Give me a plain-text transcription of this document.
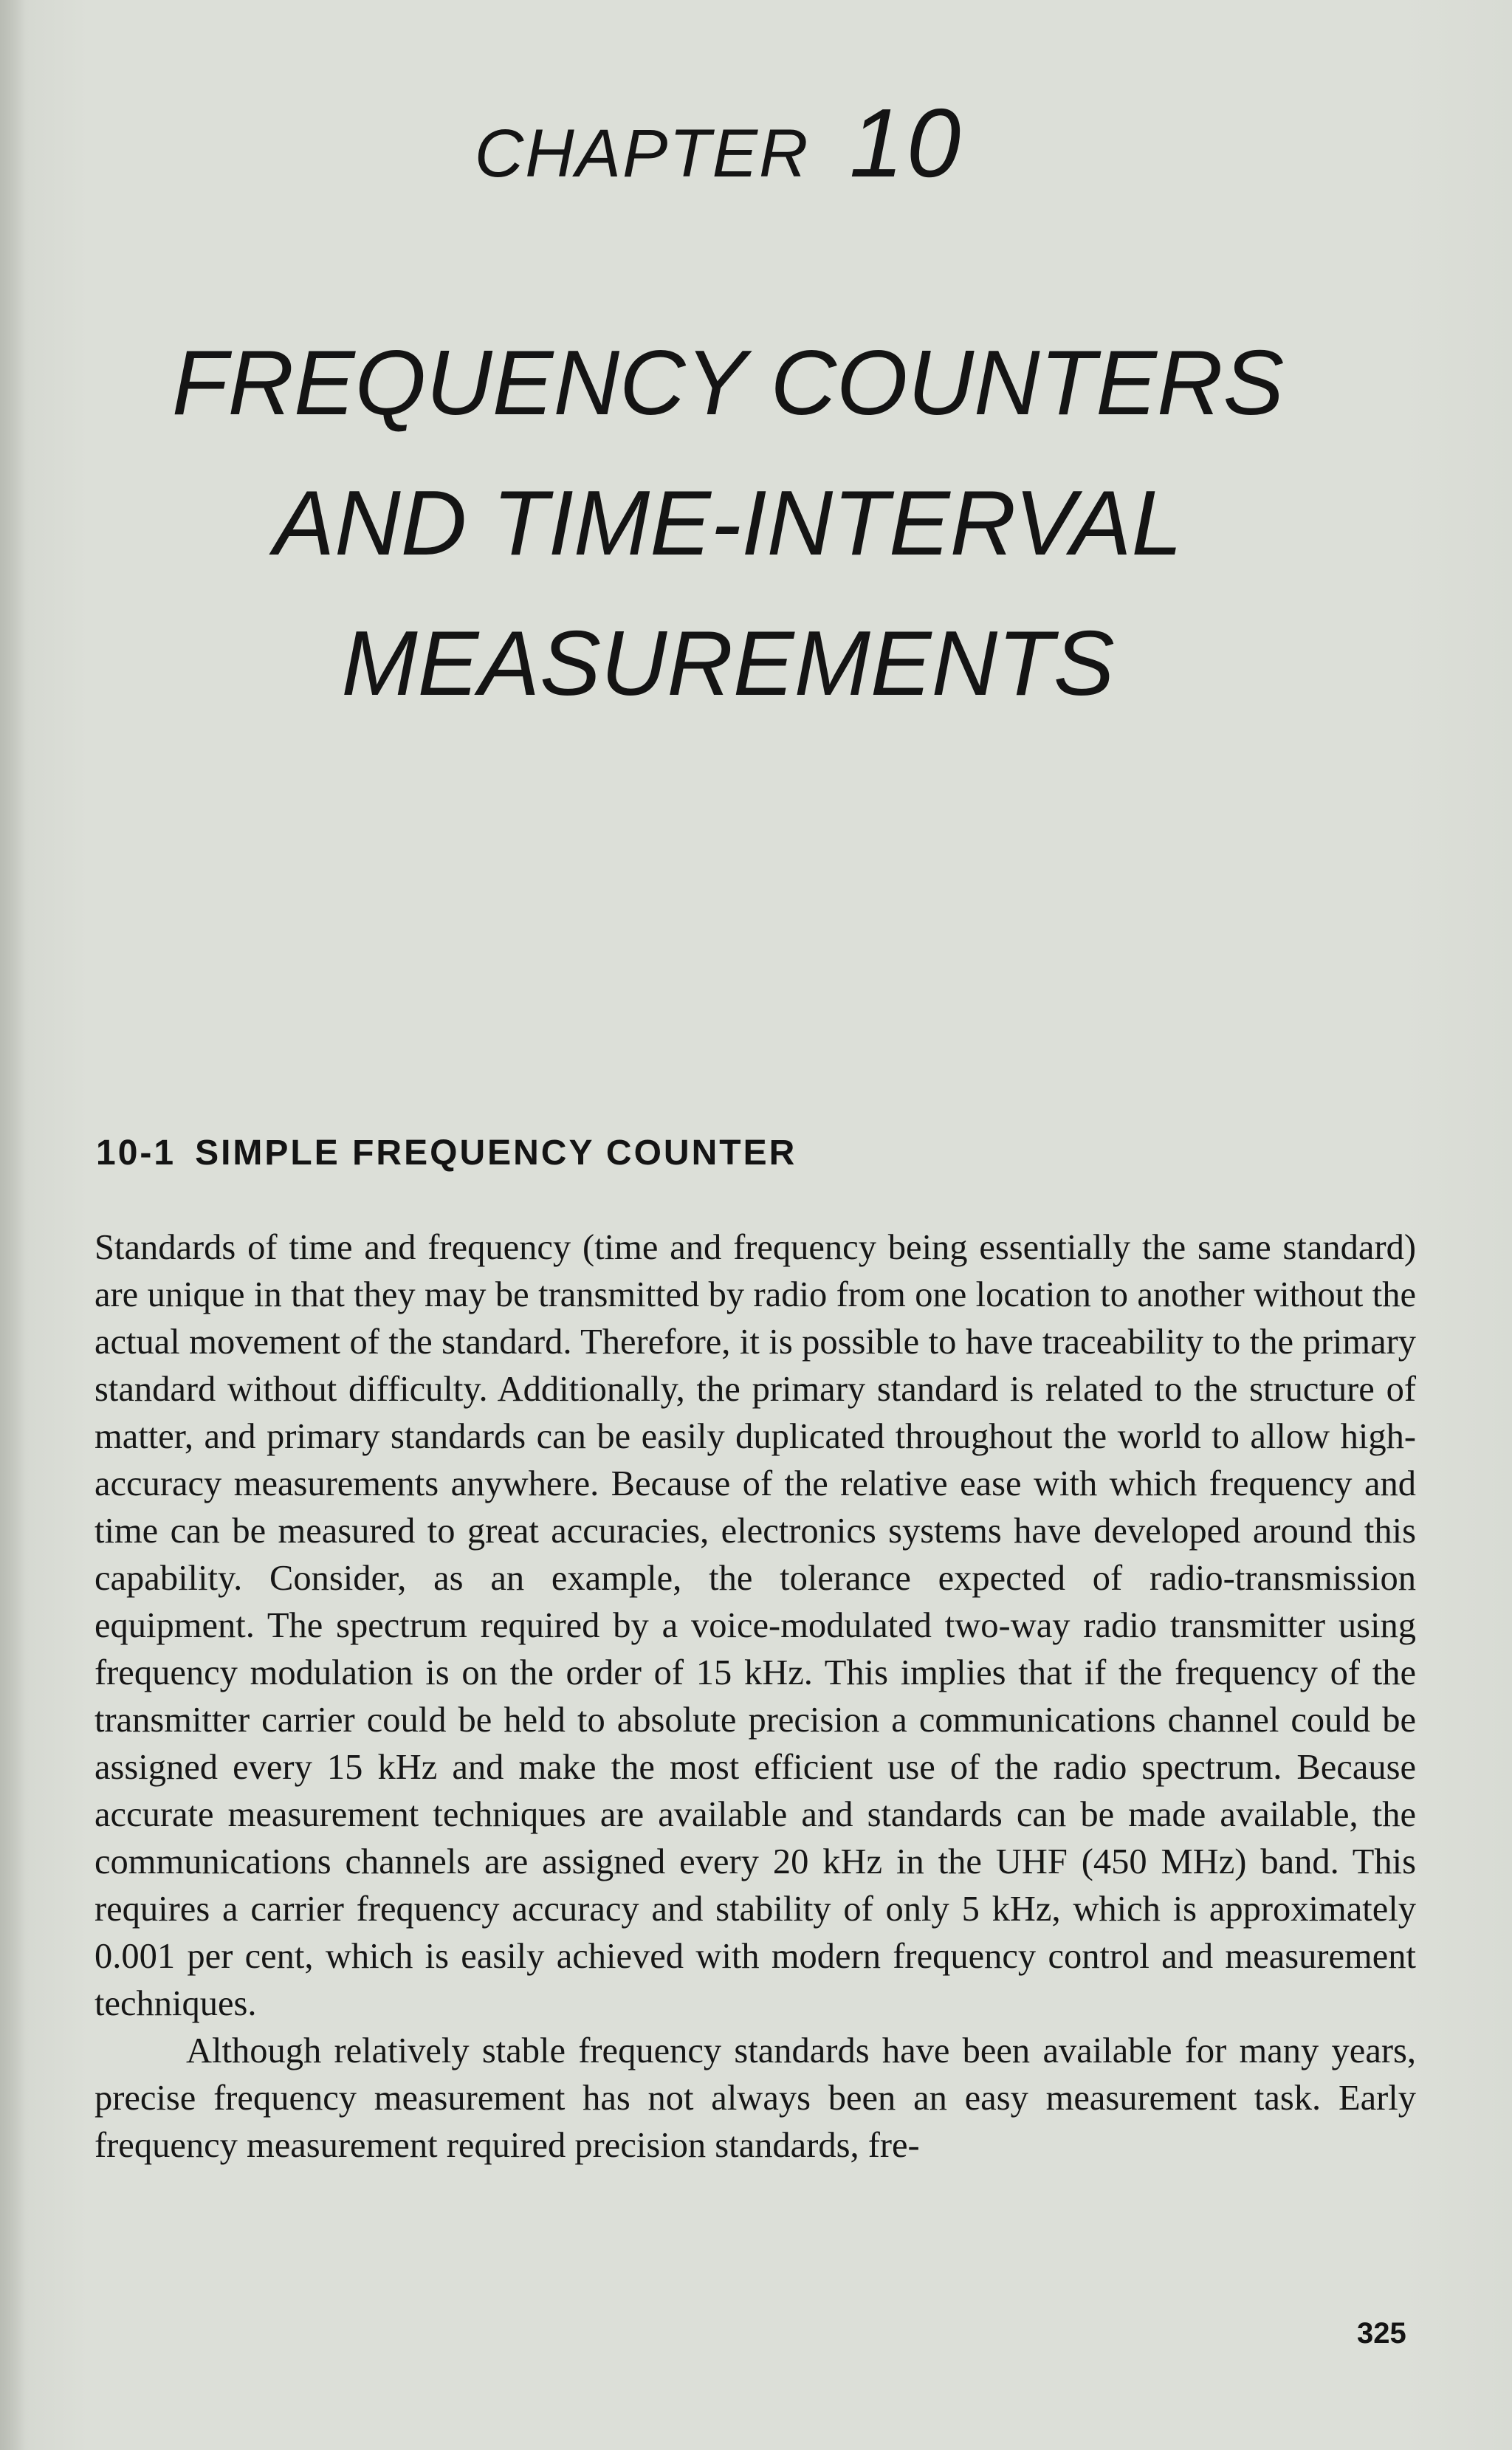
CHAPTER 10
FREQUENCY COUNTERS
AND TIME-INTERVAL
MEASUREMENTS
10-1 SIMPLE FREQUENCY COUNTER

Standards of time and frequency (time and frequency being essentially the same standard) are unique in that they may be transmitted by radio from one location to another without the actual movement of the standard. Therefore, it is possible to have traceability to the primary standard without difficulty. Additionally, the primary standard is related to the structure of matter, and primary standards can be easily duplicated throughout the world to allow high-accuracy measurements anywhere. Because of the relative ease with which frequency and time can be measured to great accuracies, electronics systems have developed around this capability. Consider, as an example, the tolerance expected of radio-transmission equipment. The spectrum required by a voice-modulated two-way radio transmitter using frequency modulation is on the order of 15 kHz. This implies that if the frequency of the transmitter carrier could be held to absolute precision a communications channel could be assigned every 15 kHz and make the most efficient use of the radio spectrum. Because accurate measurement techniques are available and standards can be made available, the communications channels are assigned every 20 kHz in the UHF (450 MHz) band. This requires a carrier frequency accuracy and stability of only 5 kHz, which is approximately 0.001 per cent, which is easily achieved with modern frequency control and measurement techniques.

Although relatively stable frequency standards have been available for many years, precise frequency measurement has not always been an easy measurement task. Early frequency measurement required precision standards, fre-

325
